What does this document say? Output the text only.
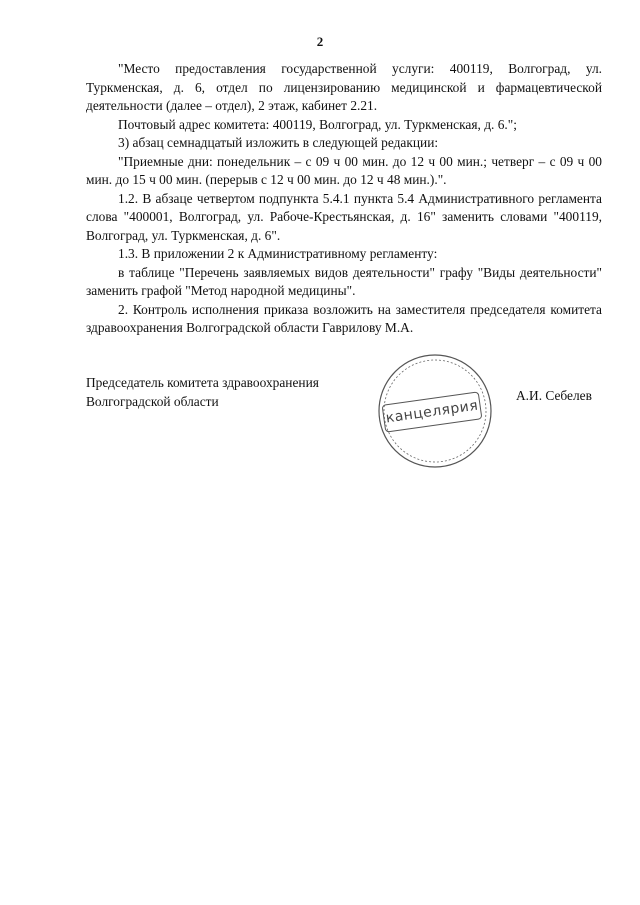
2

"Место предоставления государственной услуги: 400119, Волгоград, ул. Туркменская, д. 6, отдел по лицензированию медицинской и фармацевтической деятельности (далее – отдел), 2 этаж, кабинет 2.21.

Почтовый адрес комитета: 400119, Волгоград, ул. Туркменская, д. 6.";

3) абзац семнадцатый изложить в следующей редакции:

"Приемные дни: понедельник – с 09 ч 00 мин. до 12 ч 00 мин.; четверг – с 09 ч 00 мин. до 15 ч 00 мин. (перерыв с 12 ч 00 мин. до 12 ч 48 мин.).".

1.2. В абзаце четвертом подпункта 5.4.1 пункта 5.4 Административного регламента слова "400001, Волгоград, ул. Рабоче-Крестьянская, д. 16" заменить словами "400119, Волгоград, ул. Туркменская, д. 6".

1.3. В приложении 2 к Административному регламенту:

в таблице "Перечень заявляемых видов деятельности" графу "Виды деятельности" заменить графой "Метод народной медицины".

2. Контроль исполнения приказа возложить на заместителя председателя комитета здравоохранения Волгоградской области Гаврилову М.А.

Председатель комитета здравоохранения
Волгоградской области	канцелярия
А.И. Себелев
